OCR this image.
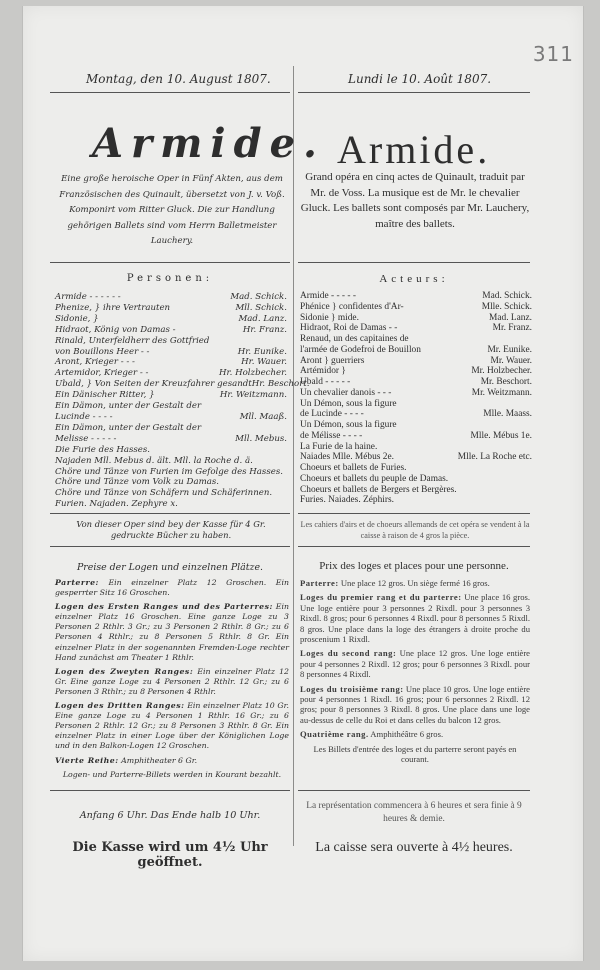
311
Montag, den 10. August 1807.	Lundi le 10. Août 1807.
Armide. Armide.
Eine große heroische Oper in Fünf Akten, aus dem Französischen des Quinault, übersetzt von J. v. Voß. Komponirt vom Ritter Gluck. Die zur Handlung gehörigen Ballets sind vom Herrn Balletmeister Lauchery.
Grand opéra en cinq actes de Quinault, traduit par Mr. de Voss. La musique est de Mr. le chevalier Gluck. Les ballets sont composés par Mr. Lauchery, maître des ballets.
Personen:	Acteurs:
Armide - - - - - -	Mad. Schick.
Phenize, } ihre Vertrauten	Mll. Schick.
Sidonie, }	Mad. Lanz.
Hidraot, König von Damas -	Hr. Franz.
Rinald, Unterfeldherr des Gottfried
von Bouillons Heer - -	Hr. Eunike.
Aront, Krieger - - -	Hr. Wauer.
Artemidor, Krieger - -	Hr. Holzbecher.
Ubald, } Von Seiten der Kreuzfahrer gesandt Hr. Beschort.
Ein Dänischer Ritter, }	Hr. Weitzmann.
Ein Dämon, unter der Gestalt der
Lucinde - - - -	Mll. Maaß.
Ein Dämon, unter der Gestalt der
Melisse - - - - -	Mll. Mebus.
Die Furie des Hasses.
Najaden Mll. Mebus d. ält. Mll. la Roche d. ä.
Chöre und Tänze von Furien im Gefolge des Hasses.
Chöre und Tänze vom Volk zu Damas.
Chöre und Tänze von Schäfern und Schäferinnen.
Furien. Najaden. Zephyre x.
Armide - - - - -	Mad. Schick.
Phénice } confidentes d'Ar-	Mlle. Schick.
Sidonie } mide.	Mad. Lanz.
Hidraot, Roi de Damas - -	Mr. Franz.
Renaud, un des capitaines de
l'armée de Godefroi de Bouillon	Mr. Eunike.
Aront } guerriers	Mr. Wauer.
Artémidor }	Mr. Holzbecher.
Ubald - - - - -	Mr. Beschort.
Un chevalier danois - - -	Mr. Weitzmann.
Un Démon, sous la figure
de Lucinde - - - -	Mlle. Maass.
Un Démon, sous la figure
de Mélisse - - - -	Mlle. Mébus 1e.
La Furie de la haine.
Naiades Mlle. Mébus 2e.	Mlle. La Roche etc.
Choeurs et ballets de Furies.
Choeurs et ballets du peuple de Damas.
Choeurs et ballets de Bergers et Bergères.
Furies. Naiades. Zéphirs.
Von dieser Oper sind bey der Kasse für 4 Gr. gedruckte Bücher zu haben.
Les cahiers d'airs et de choeurs allemands de cet opéra se vendent à la caisse à raison de 4 gros la pièce.
Preise der Logen und einzelnen Plätze.	Prix des loges et places pour une personne.

Parterre: Ein einzelner Platz 12 Groschen. Ein gesperrter Sitz 16 Groschen.

Logen des Ersten Ranges und des Parterres: Ein einzelner Platz 16 Groschen. Eine ganze Loge zu 3 Personen 2 Rthlr. 3 Gr.; zu 3 Personen 2 Rthlr. 8 Gr.; zu 6 Personen 4 Rthlr.; zu 8 Personen 5 Rthlr. 8 Gr. Ein einzelner Platz in der sogenannten Fremden-Loge rechter Hand zunächst am Theater 1 Rthlr.

Logen des Zweyten Ranges: Ein einzelner Platz 12 Gr. Eine ganze Loge zu 4 Personen 2 Rthlr. 12 Gr.; zu 6 Personen 3 Rthlr.; zu 8 Personen 4 Rthlr.

Logen des Dritten Ranges: Ein einzelner Platz 10 Gr. Eine ganze Loge zu 4 Personen 1 Rthlr. 16 Gr.; zu 6 Personen 2 Rthlr. 12 Gr.; zu 8 Personen 3 Rthlr. 8 Gr. Ein einzelner Platz in einer Loge über der Königlichen Loge und in den Balkon-Logen 12 Groschen.

Vierte Reihe: Amphitheater 6 Gr.

Logen- und Parterre-Billets werden in Kourant bezahlt.

Parterre: Une place 12 gros. Un siège fermé 16 gros.

Loges du premier rang et du parterre: Une place 16 gros. Une loge entière pour 3 personnes 2 Rixdl. pour 3 personnes 3 Rixdl. 8 gros; pour 6 personnes 4 Rixdl. pour 8 personnes 5 Rixdl. 8 gros. Une place dans la loge des étrangers à droite proche du proscenium 1 Rixdl.

Loges du second rang: Une place 12 gros. Une loge entière pour 4 personnes 2 Rixdl. 12 gros; pour 6 personnes 3 Rixdl. pour 8 personnes 4 Rixdl.

Loges du troisième rang: Une place 10 gros. Une loge entière pour 4 personnes 1 Rixdl. 16 gros; pour 6 personnes 2 Rixdl. 12 gros; pour 8 personnes 3 Rixdl. 8 gros. Une place dans une loge au-dessus de celle du Roi et dans celles du balcon 12 gros.

Quatrième rang. Amphithéâtre 6 gros.

Les Billets d'entrée des loges et du parterre seront payés en courant.

Anfang 6 Uhr. Das Ende halb 10 Uhr.
La représentation commencera à 6 heures et sera finie à 9 heures & demie.
Die Kasse wird um 4½ Uhr geöffnet.
La caisse sera ouverte à 4½ heures.
